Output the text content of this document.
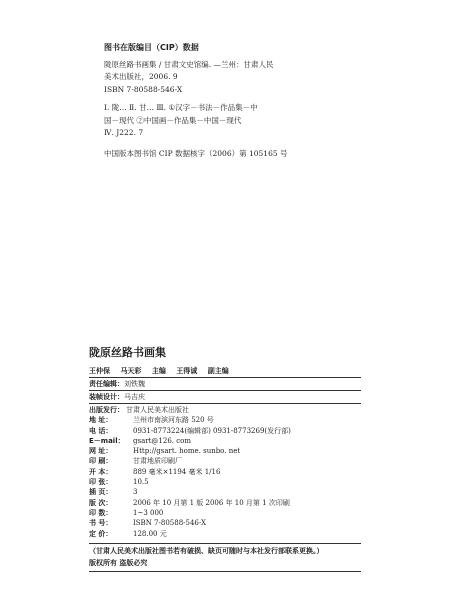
图书在版编目（CIP）数据

陇原丝路书画集 / 甘肃文史馆编. —兰州：甘肃人民

美术出版社，2006. 9

ISBN 7-80588-546-X

Ⅰ. 陇… Ⅱ. 甘… Ⅲ. ①汉字－书法－作品集－中

国－现代 ②中国画－作品集－中国－现代

Ⅳ. J222. 7

中国版本图书馆 CIP 数据核字（2006）第 105165 号

陇原丝路书画集
王仲保 马天彩 主编 王得诚 副主编
责任编辑：刘铁魏
装帧设计：马吉庆
出版发行： 甘肃人民美术出版社
地 址：	兰州市南滨河东路 520 号
电 话：	0931-8773224(编辑部) 0931-8773269(发行部)
E－mail：	gsart@126. com
网 址：	Http://gsart. home. sunbo. net
印 刷：	甘肃地质印刷厂
开 本：	889 毫米×1194 毫米 1/16
印 张：	10.5
插 页：	3
版 次：	2006 年 10 月第 1 版 2006 年 10 月第 1 次印刷
印 数：	1~3 000
书 号：	ISBN 7-80588-546-X
定 价：	128.00 元
（甘肃人民美术出版社图书若有破损、缺页可随时与本社发行部联系更换。）
版权所有 盗版必究
